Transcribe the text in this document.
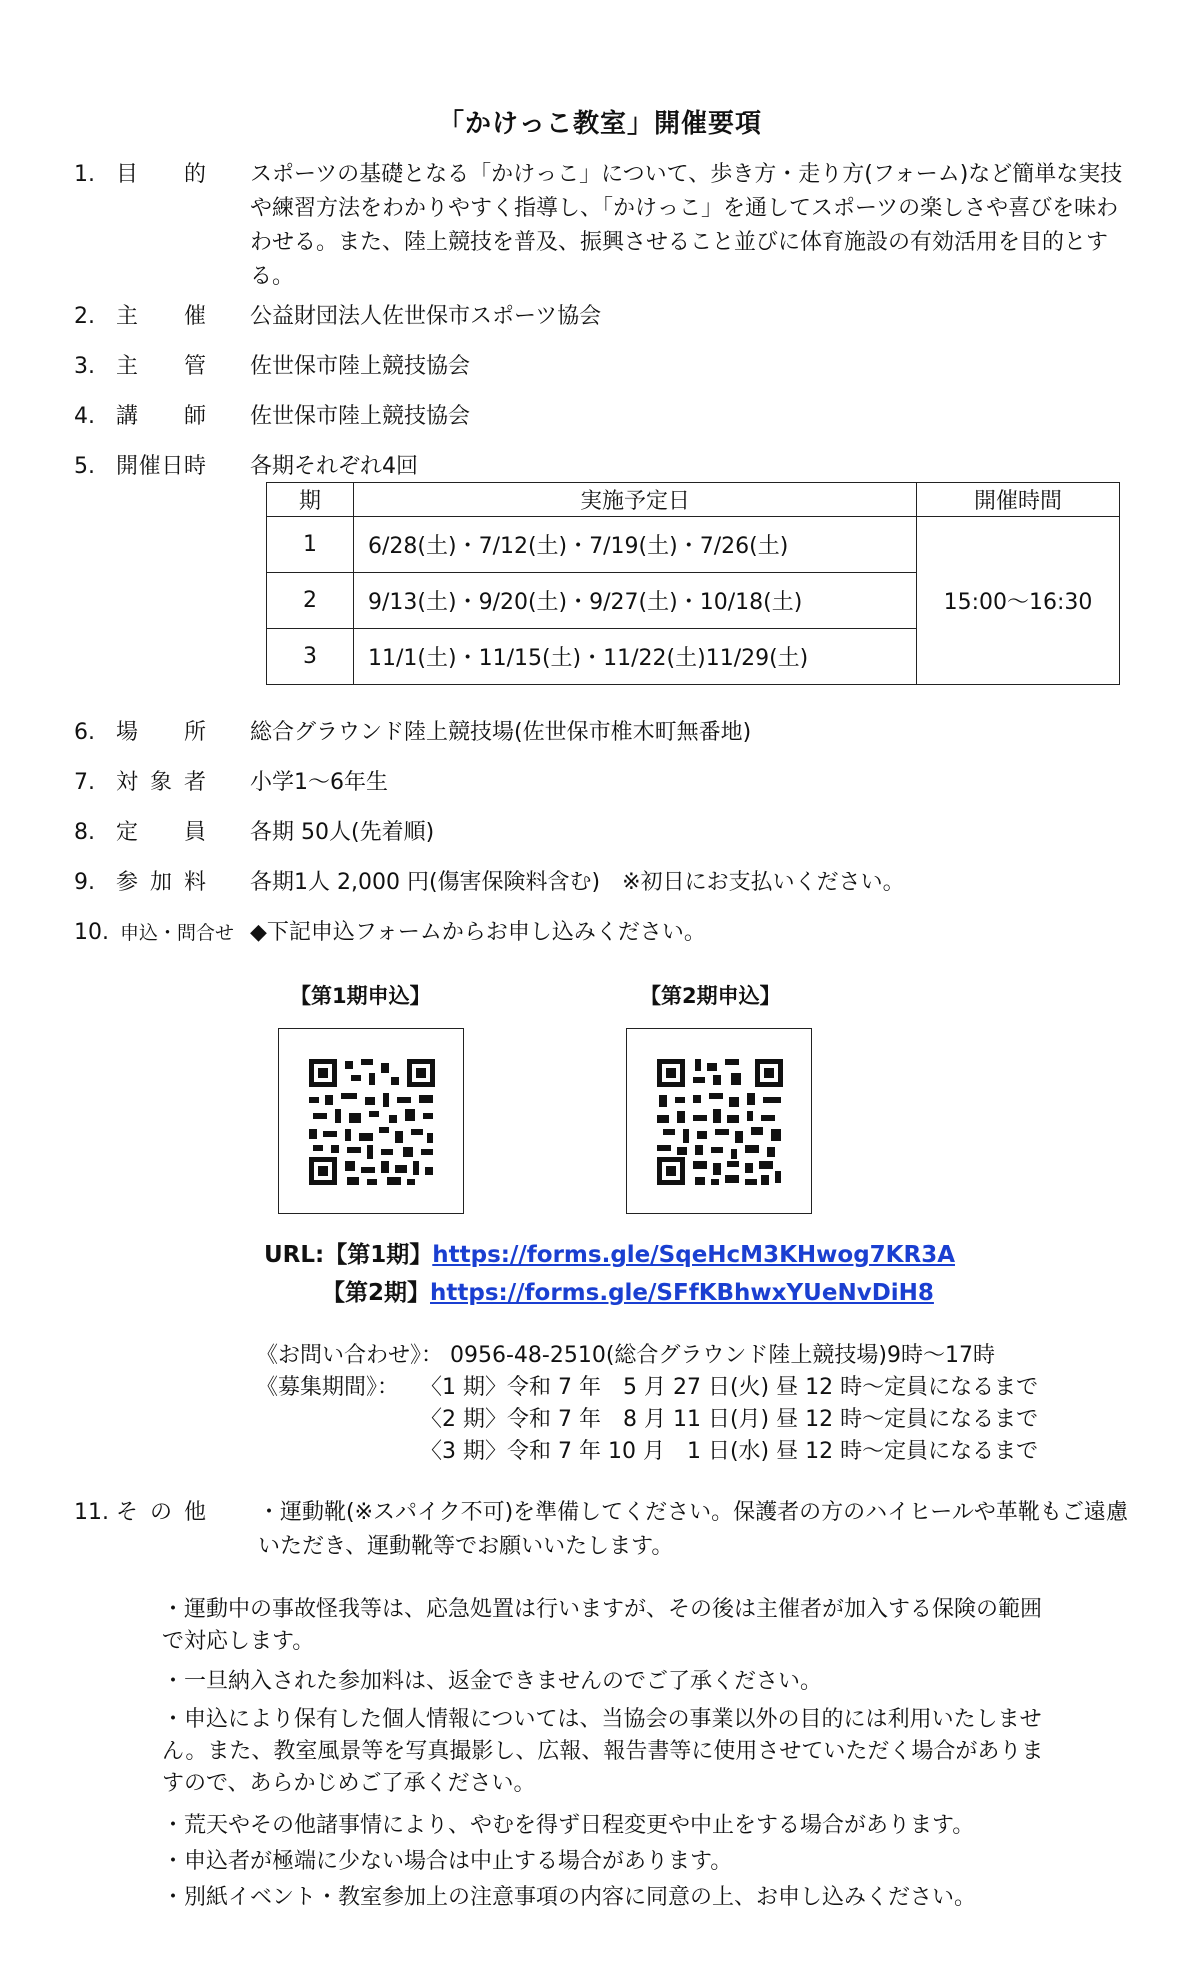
「かけっこ教室」開催要項
1. 目　的 スポーツの基礎となる「かけっこ」について、歩き方・走り方(フォーム)など簡単な実技や練習方法をわかりやすく指導し、「かけっこ」を通してスポーツの楽しさや喜びを味わわせる。また、陸上競技を普及、振興させること並びに体育施設の有効活用を目的とする。
2. 主　催 公益財団法人佐世保市スポーツ協会
3. 主　管 佐世保市陸上競技協会
4. 講　師 佐世保市陸上競技協会
5. 開催日時 各期それぞれ4回
期	実施予定日	開催時間
1	6/28(土)・7/12(土)・7/19(土)・7/26(土)	15:00～16:30
2	9/13(土)・9/20(土)・9/27(土)・10/18(土)	
3	11/1(土)・11/15(土)・11/22(土)11/29(土)	
6. 場　所 総合グラウンド陸上競技場(佐世保市椎木町無番地)
7. 対象者 小学1～6年生
8. 定　員 各期 50人(先着順)
9. 参加料 各期1人 2,000 円(傷害保険料含む)　※初日にお支払いください。
10. 申込・問合せ ◆下記申込フォームからお申し込みください。
【第1期申込】	【第2期申込】
URL:【第1期】https://forms.gle/SqeHcM3KHwog7KR3A
【第2期】https://forms.gle/SFfKBhwxYUeNvDiH8
《お問い合わせ》： 0956-48-2510(総合グラウンド陸上競技場)9時～17時
《募集期間》： 〈1 期〉令和 7 年　5 月 27 日(火) 昼 12 時～定員になるまで
〈2 期〉令和 7 年　8 月 11 日(月) 昼 12 時～定員になるまで
〈3 期〉令和 7 年 10 月　1 日(水) 昼 12 時～定員になるまで
11. その他 ・運動靴(※スパイク不可)を準備してください。保護者の方のハイヒールや革靴もご遠慮いただき、運動靴等でお願いいたします。
・運動中の事故怪我等は、応急処置は行いますが、その後は主催者が加入する保険の範囲で対応します。
・一旦納入された参加料は、返金できませんのでご了承ください。
・申込により保有した個人情報については、当協会の事業以外の目的には利用いたしません。また、教室風景等を写真撮影し、広報、報告書等に使用させていただく場合がありますので、あらかじめご了承ください。
・荒天やその他諸事情により、やむを得ず日程変更や中止をする場合があります。
・申込者が極端に少ない場合は中止する場合があります。
・別紙イベント・教室参加上の注意事項の内容に同意の上、お申し込みください。
